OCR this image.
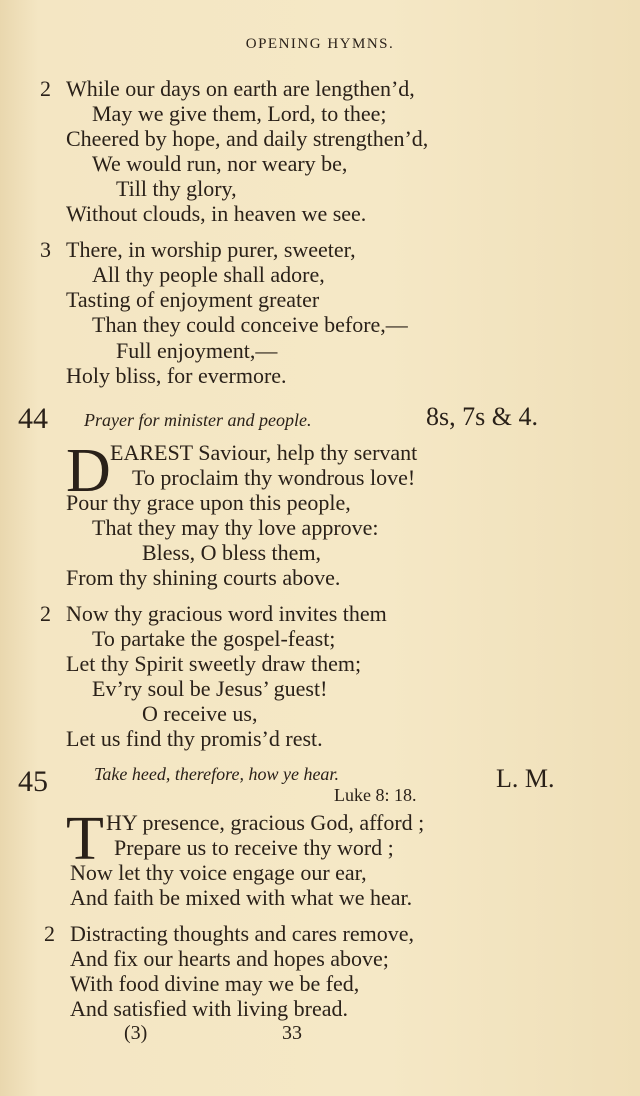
OPENING HYMNS.
2 While our days on earth are lengthen’d,
May we give them, Lord, to thee;
Cheered by hope, and daily strengthen’d,
We would run, nor weary be,
Till thy glory,
Without clouds, in heaven we see.
3 There, in worship purer, sweeter,
All thy people shall adore,
Tasting of enjoyment greater
Than they could conceive before,—
Full enjoyment,—
Holy bliss, for evermore.
44 Prayer for minister and people.	8s, 7s & 4.
D EAREST Saviour, help thy servant
To proclaim thy wondrous love!
Pour thy grace upon this people,
That they may thy love approve:
Bless, O bless them,
From thy shining courts above.
2 Now thy gracious word invites them
To partake the gospel-feast;
Let thy Spirit sweetly draw them;
Ev’ry soul be Jesus’ guest!
O receive us,
Let us find thy promis’d rest.
45	Take heed, therefore, how ye hear.
Luke 8: 18.
L. M.
T HY presence, gracious God, afford ;
Prepare us to receive thy word ;
Now let thy voice engage our ear,
And faith be mixed with what we hear.
2 Distracting thoughts and cares remove,
And fix our hearts and hopes above;
With food divine may we be fed,
And satisfied with living bread.
(3)	33
